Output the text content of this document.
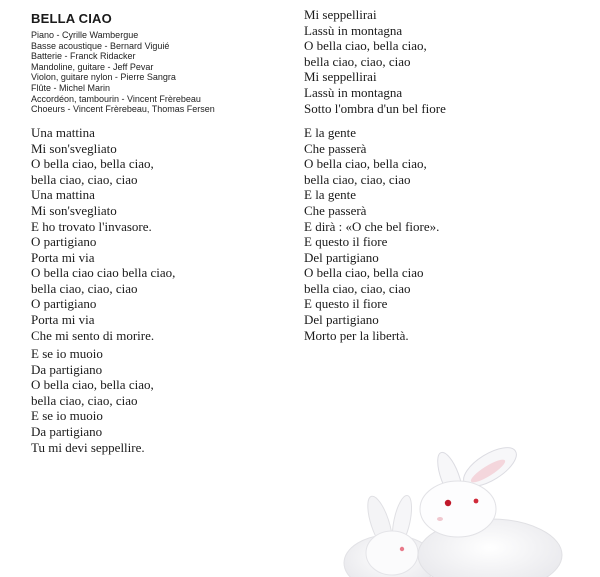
BELLA CIAO
Piano - Cyrille Wambergue
Basse acoustique - Bernard Viguié
Batterie - Franck Ridacker
Mandoline, guitare - Jeff Pevar
Violon, guitare nylon - Pierre Sangra
Flûte - Michel Marin
Accordéon, tambourin - Vincent Frèrebeau
Choeurs - Vincent Frèrebeau, Thomas Fersen
Una mattina
Mi son'svegliato
O bella ciao, bella ciao,
bella ciao, ciao, ciao
Una mattina
Mi son'svegliato
E ho trovato l'invasore.
O partigiano
Porta mi via
O bella ciao ciao bella ciao,
bella ciao, ciao, ciao
O partigiano
Porta mi via
Che mi sento di morire.
E se io muoio
Da partigiano
O bella ciao, bella ciao,
bella ciao, ciao, ciao
E se io muoio
Da partigiano
Tu mi devi seppellire.
Mi seppellirai
Lassù in montagna
O bella ciao, bella ciao,
bella ciao, ciao, ciao
Mi seppellirai
Lassù in montagna
Sotto l'ombra d'un bel fiore
E la gente
Che passerà
O bella ciao, bella ciao,
bella ciao, ciao, ciao
E la gente
Che passerà
E dirà : «O che bel fiore».
E questo il fiore
Del partigiano
O bella ciao, bella ciao
bella ciao, ciao, ciao
E questo il fiore
Del partigiano
Morto per la libertà.
